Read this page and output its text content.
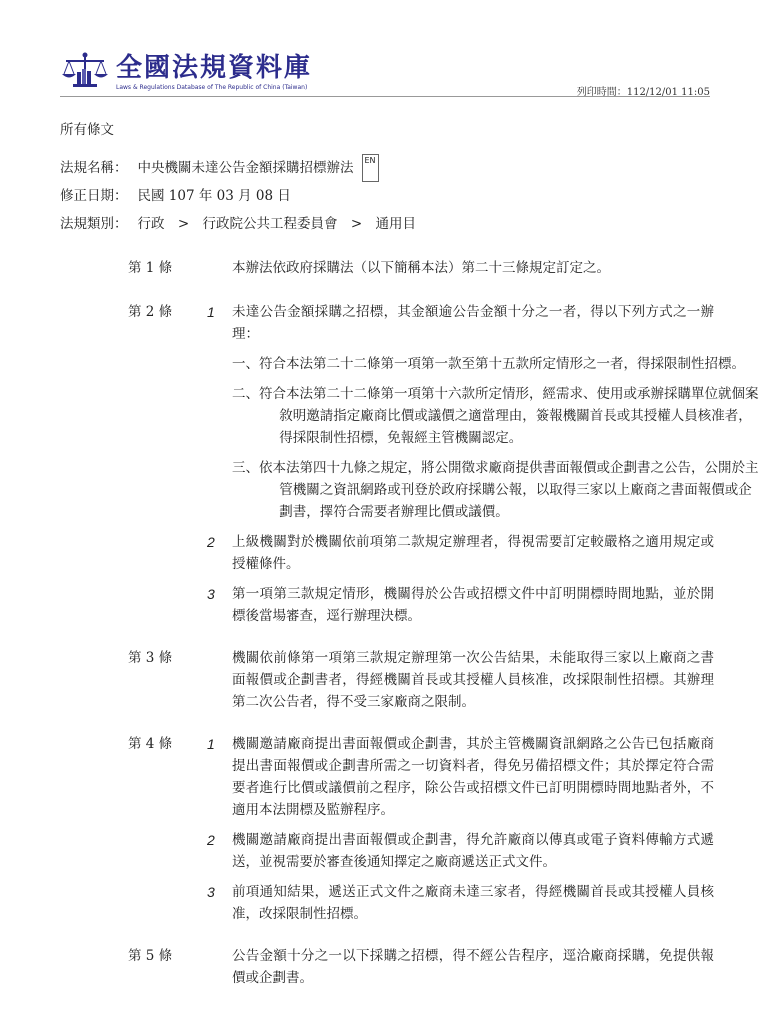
全國法規資料庫
Laws & Regulations Database of The Republic of China (Taiwan)	列印時間：112/12/01 11:05
所有條文
法規名稱： 中央機關未達公告金額採購招標辦法	EN
修正日期： 民國 107 年 03 月 08 日
法規類別： 行政 > 行政院公共工程委員會 > 通用目
第 1 條	本辦法依政府採購法（以下簡稱本法）第二十三條規定訂定之。
第 2 條 1 未達公告金額採購之招標，其金額逾公告金額十分之一者，得以下列方式之一辦理：
一、符合本法第二十二條第一項第一款至第十五款所定情形之一者，得採限制性招標。
二、符合本法第二十二條第一項第十六款所定情形，經需求、使用或承辦採購單位就個案敘明邀請指定廠商比價或議價之適當理由，簽報機關首長或其授權人員核准者，得採限制性招標，免報經主管機關認定。
三、依本法第四十九條之規定，將公開徵求廠商提供書面報價或企劃書之公告，公開於主管機關之資訊網路或刊登於政府採購公報，以取得三家以上廠商之書面報價或企劃書，擇符合需要者辦理比價或議價。
2 上級機關對於機關依前項第二款規定辦理者，得視需要訂定較嚴格之適用規定或授權條件。
3 第一項第三款規定情形，機關得於公告或招標文件中訂明開標時間地點，並於開標後當場審查，逕行辦理決標。
第 3 條	機關依前條第一項第三款規定辦理第一次公告結果，未能取得三家以上廠商之書面報價或企劃書者，得經機關首長或其授權人員核准，改採限制性招標。其辦理第二次公告者，得不受三家廠商之限制。
第 4 條 1 機關邀請廠商提出書面報價或企劃書，其於主管機關資訊網路之公告已包括廠商提出書面報價或企劃書所需之一切資料者，得免另備招標文件；其於擇定符合需要者進行比價或議價前之程序，除公告或招標文件已訂明開標時間地點者外，不適用本法開標及監辦程序。
2 機關邀請廠商提出書面報價或企劃書，得允許廠商以傳真或電子資料傳輸方式遞送，並視需要於審查後通知擇定之廠商遞送正式文件。
3 前項通知結果，遞送正式文件之廠商未達三家者，得經機關首長或其授權人員核准，改採限制性招標。
第 5 條	公告金額十分之一以下採購之招標，得不經公告程序，逕洽廠商採購，免提供報價或企劃書。
